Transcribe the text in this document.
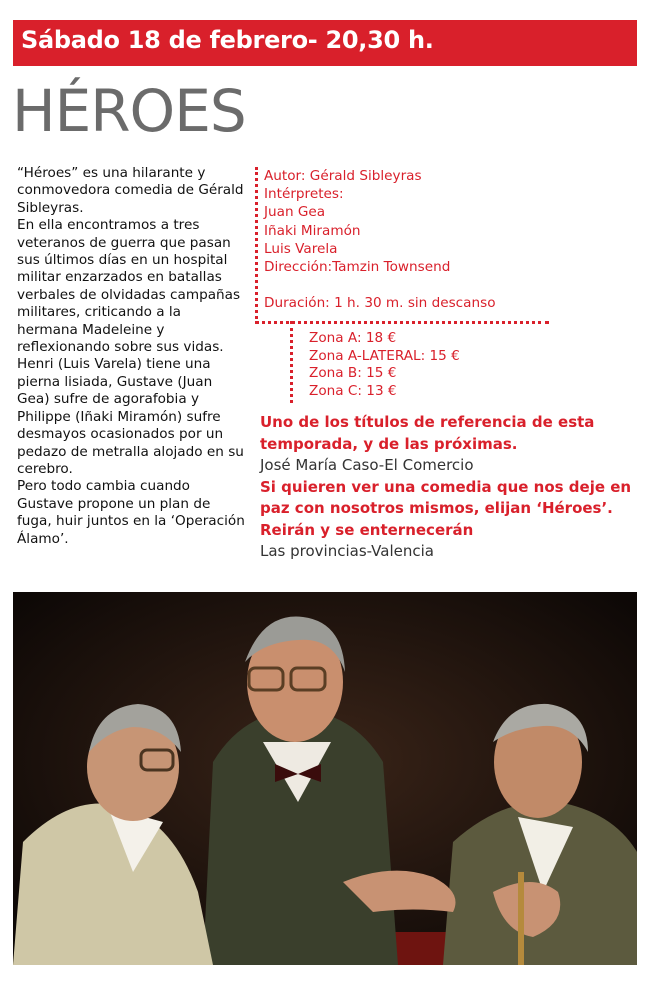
Sábado 18 de febrero- 20,30 h.
HÉROES

“Héroes” es una hilarante y conmovedora comedia de Gérald Sibleyras.

En ella encontramos a tres veteranos de guerra que pasan sus últimos días en un hospital militar enzarzados en batallas verbales de olvidadas campañas militares, criticando a la hermana Madeleine y reflexionando sobre sus vidas.

Henri (Luis Varela) tiene una pierna lisiada, Gustave (Juan Gea) sufre de agorafobia y Philippe (Iñaki Miramón) sufre desmayos ocasionados por un pedazo de metralla alojado en su cerebro.

Pero todo cambia cuando Gustave propone un plan de fuga, huir juntos en la ‘Operación Álamo’.

Autor: Gérald Sibleyras
Intérpretes:
Juan Gea
Iñaki Miramón
Luis Varela
Dirección:Tamzin Townsend
Duración: 1 h. 30 m. sin descanso
Zona A: 18 €
Zona A-LATERAL: 15 €
Zona B: 15 €
Zona C: 13 €
Uno de los títulos de referencia de esta temporada, y de las próximas.
José María Caso-El Comercio
Si quieren ver una comedia que nos deje en paz con nosotros mismos, elijan ‘Héroes’. Reirán y se enternecerán
Las provincias-Valencia
